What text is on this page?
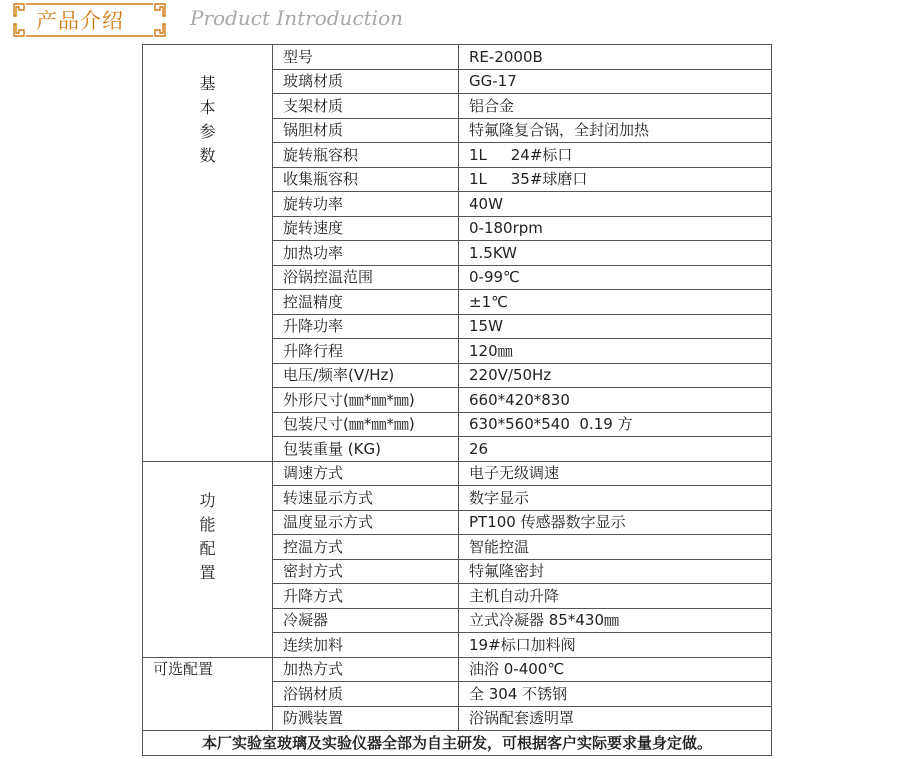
产品介绍	Product Introduction
基
本
参
数	型号	RE-2000B
	玻璃材质	GG-17
	支架材质	铝合金
	锅胆材质	特氟隆复合锅，全封闭加热
	旋转瓶容积	1L     24#标口
	收集瓶容积	1L     35#球磨口
	旋转功率	40W
	旋转速度	0-180rpm
	加热功率	1.5KW
	浴锅控温范围	0-99℃
	控温精度	±1℃
	升降功率	15W
	升降行程	120㎜
	电压/频率(V/Hz)	220V/50Hz
	外形尺寸(㎜*㎜*㎜)	660*420*830
	包装尺寸(㎜*㎜*㎜)	630*560*540  0.19 方
	包装重量 (KG)	26
功
能
配
置	调速方式	电子无级调速
	转速显示方式	数字显示
	温度显示方式	PT100 传感器数字显示
	控温方式	智能控温
	密封方式	特氟隆密封
	升降方式	主机自动升降
	冷凝器	立式冷凝器 85*430㎜
	连续加料	19#标口加料阀
可选配置	加热方式	油浴 0-400℃
	浴锅材质	全 304 不锈钢
	防溅装置	浴锅配套透明罩
本厂实验室玻璃及实验仪器全部为自主研发，可根据客户实际要求量身定做。		
